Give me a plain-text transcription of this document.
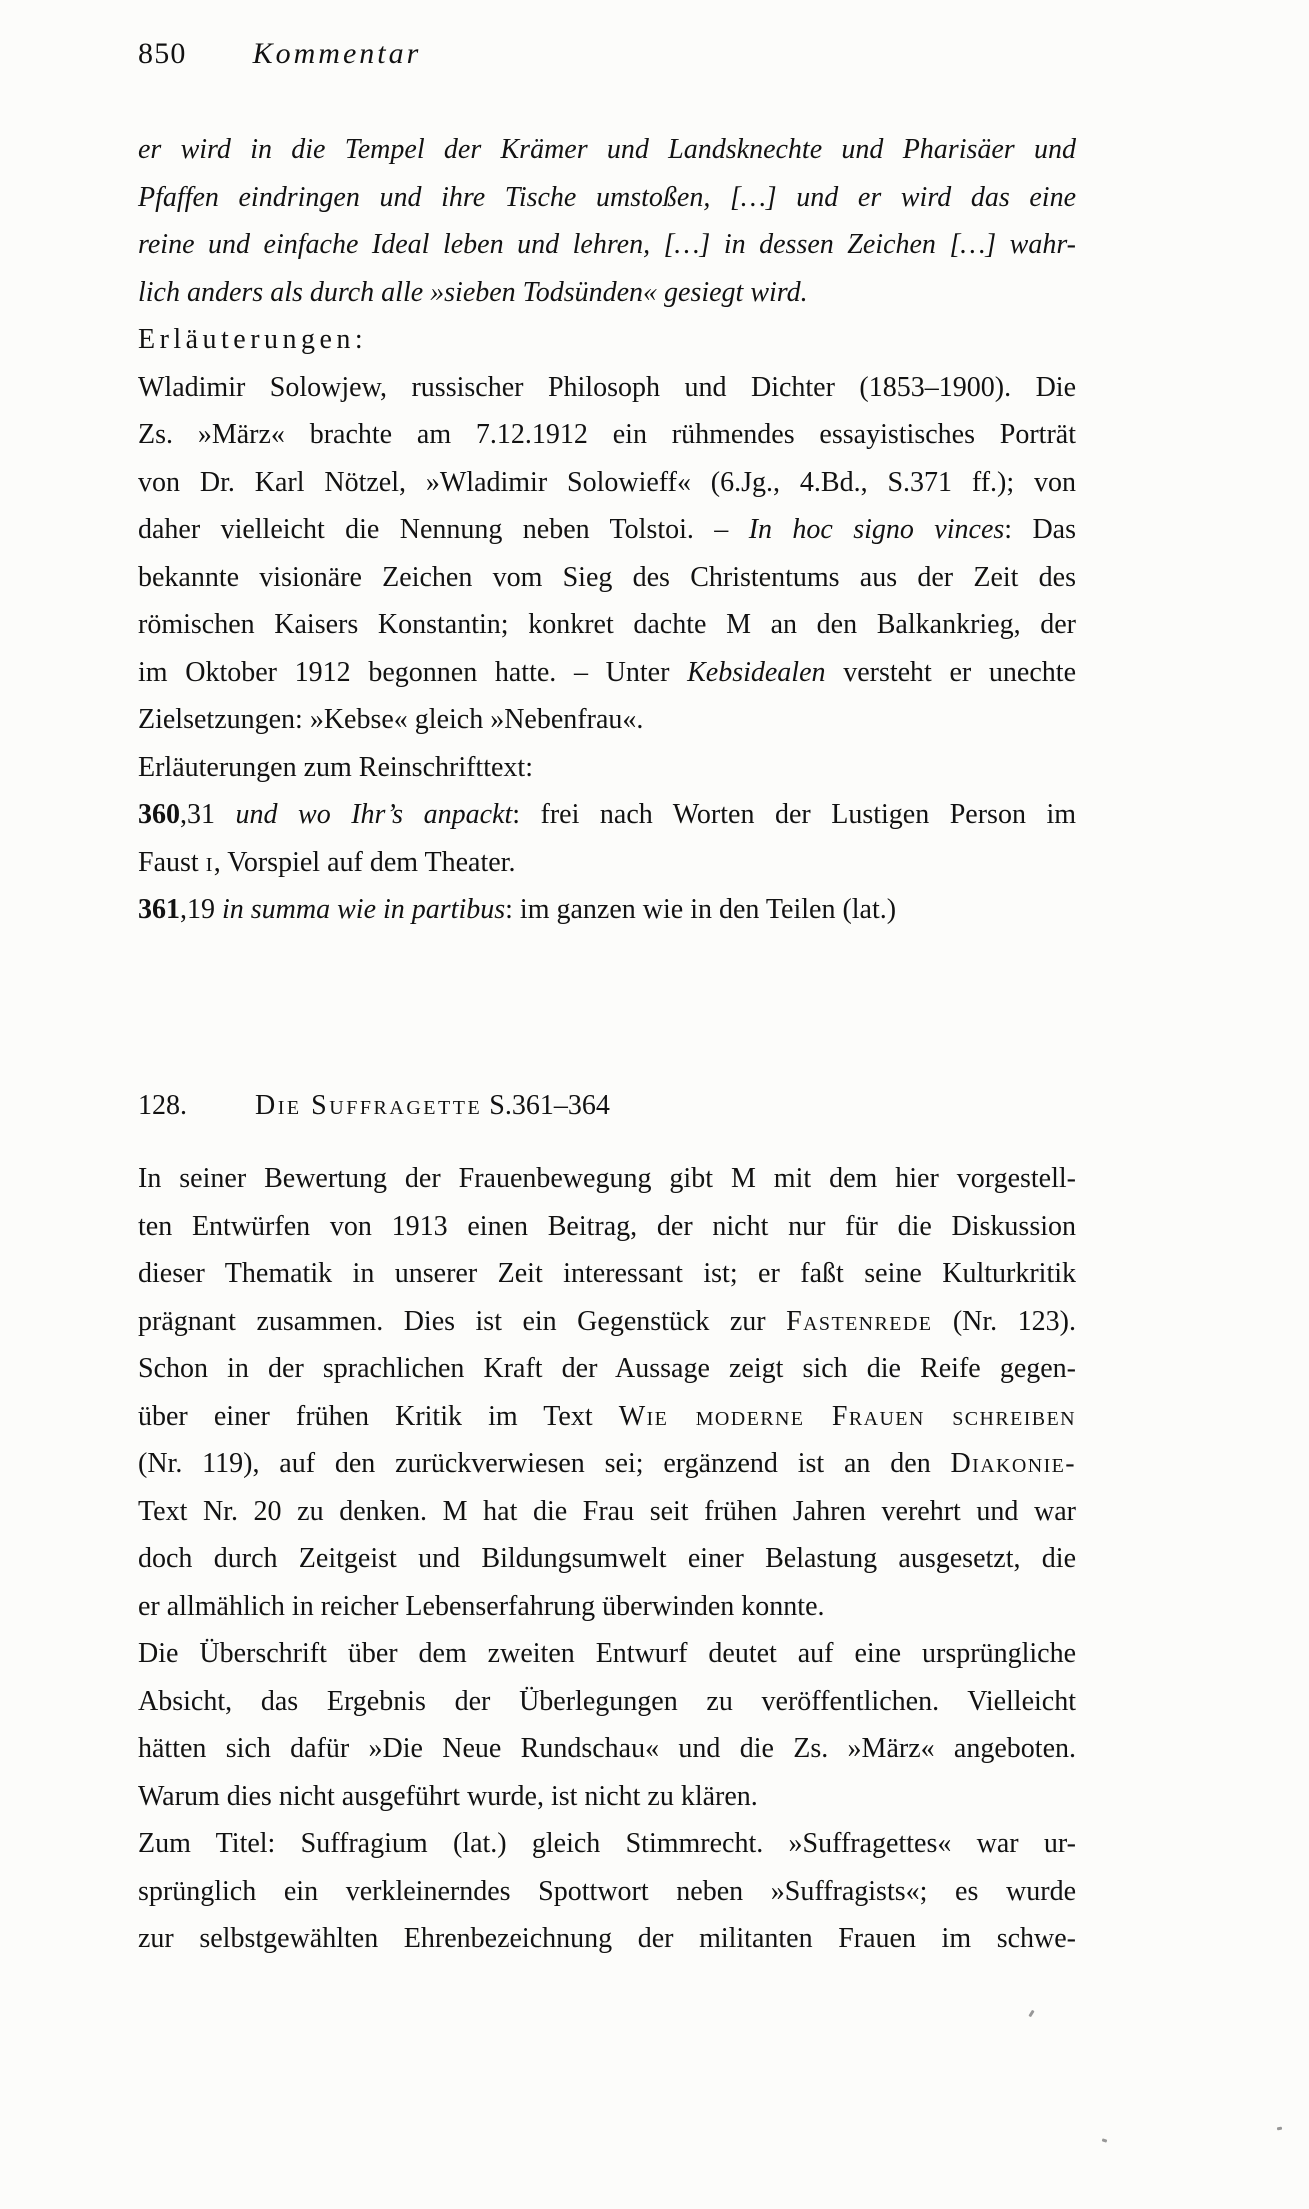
850 Kommentar
er wird in die Tempel der Krämer und Landsknechte und Pharisäer und
Pfaffen eindringen und ihre Tische umstoßen, […] und er wird das eine
reine und einfache Ideal leben und lehren, […] in dessen Zeichen […] wahr-
lich anders als durch alle »sieben Todsünden« gesiegt wird.
Erläuterungen:
Wladimir Solowjew, russischer Philosoph und Dichter (1853–1900). Die
Zs. »März« brachte am 7.12.1912 ein rühmendes essayistisches Porträt
von Dr. Karl Nötzel, »Wladimir Solowieff« (6.Jg., 4.Bd., S.371 ff.); von
daher vielleicht die Nennung neben Tolstoi. – In hoc signo vinces: Das
bekannte visionäre Zeichen vom Sieg des Christentums aus der Zeit des
römischen Kaisers Konstantin; konkret dachte M an den Balkankrieg, der
im Oktober 1912 begonnen hatte. – Unter Kebsidealen versteht er unechte
Zielsetzungen: »Kebse« gleich »Nebenfrau«.
Erläuterungen zum Reinschrifttext:
360,31 und wo Ihr’s anpackt: frei nach Worten der Lustigen Person im
Faust i, Vorspiel auf dem Theater.
361,19 in summa wie in partibus: im ganzen wie in den Teilen (lat.)
128. Die Suffragette S.361–364
In seiner Bewertung der Frauenbewegung gibt M mit dem hier vorgestell-
ten Entwürfen von 1913 einen Beitrag, der nicht nur für die Diskussion
dieser Thematik in unserer Zeit interessant ist; er faßt seine Kulturkritik
prägnant zusammen. Dies ist ein Gegenstück zur Fastenrede (Nr. 123).
Schon in der sprachlichen Kraft der Aussage zeigt sich die Reife gegen-
über einer frühen Kritik im Text Wie moderne Frauen schreiben
(Nr. 119), auf den zurückverwiesen sei; ergänzend ist an den Diakonie-
Text Nr. 20 zu denken. M hat die Frau seit frühen Jahren verehrt und war
doch durch Zeitgeist und Bildungsumwelt einer Belastung ausgesetzt, die
er allmählich in reicher Lebenserfahrung überwinden konnte.
Die Überschrift über dem zweiten Entwurf deutet auf eine ursprüngliche
Absicht, das Ergebnis der Überlegungen zu veröffentlichen. Vielleicht
hätten sich dafür »Die Neue Rundschau« und die Zs. »März« angeboten.
Warum dies nicht ausgeführt wurde, ist nicht zu klären.
Zum Titel: Suffragium (lat.) gleich Stimmrecht. »Suffragettes« war ur-
sprünglich ein verkleinerndes Spottwort neben »Suffragists«; es wurde
zur selbstgewählten Ehrenbezeichnung der militanten Frauen im schwe-
